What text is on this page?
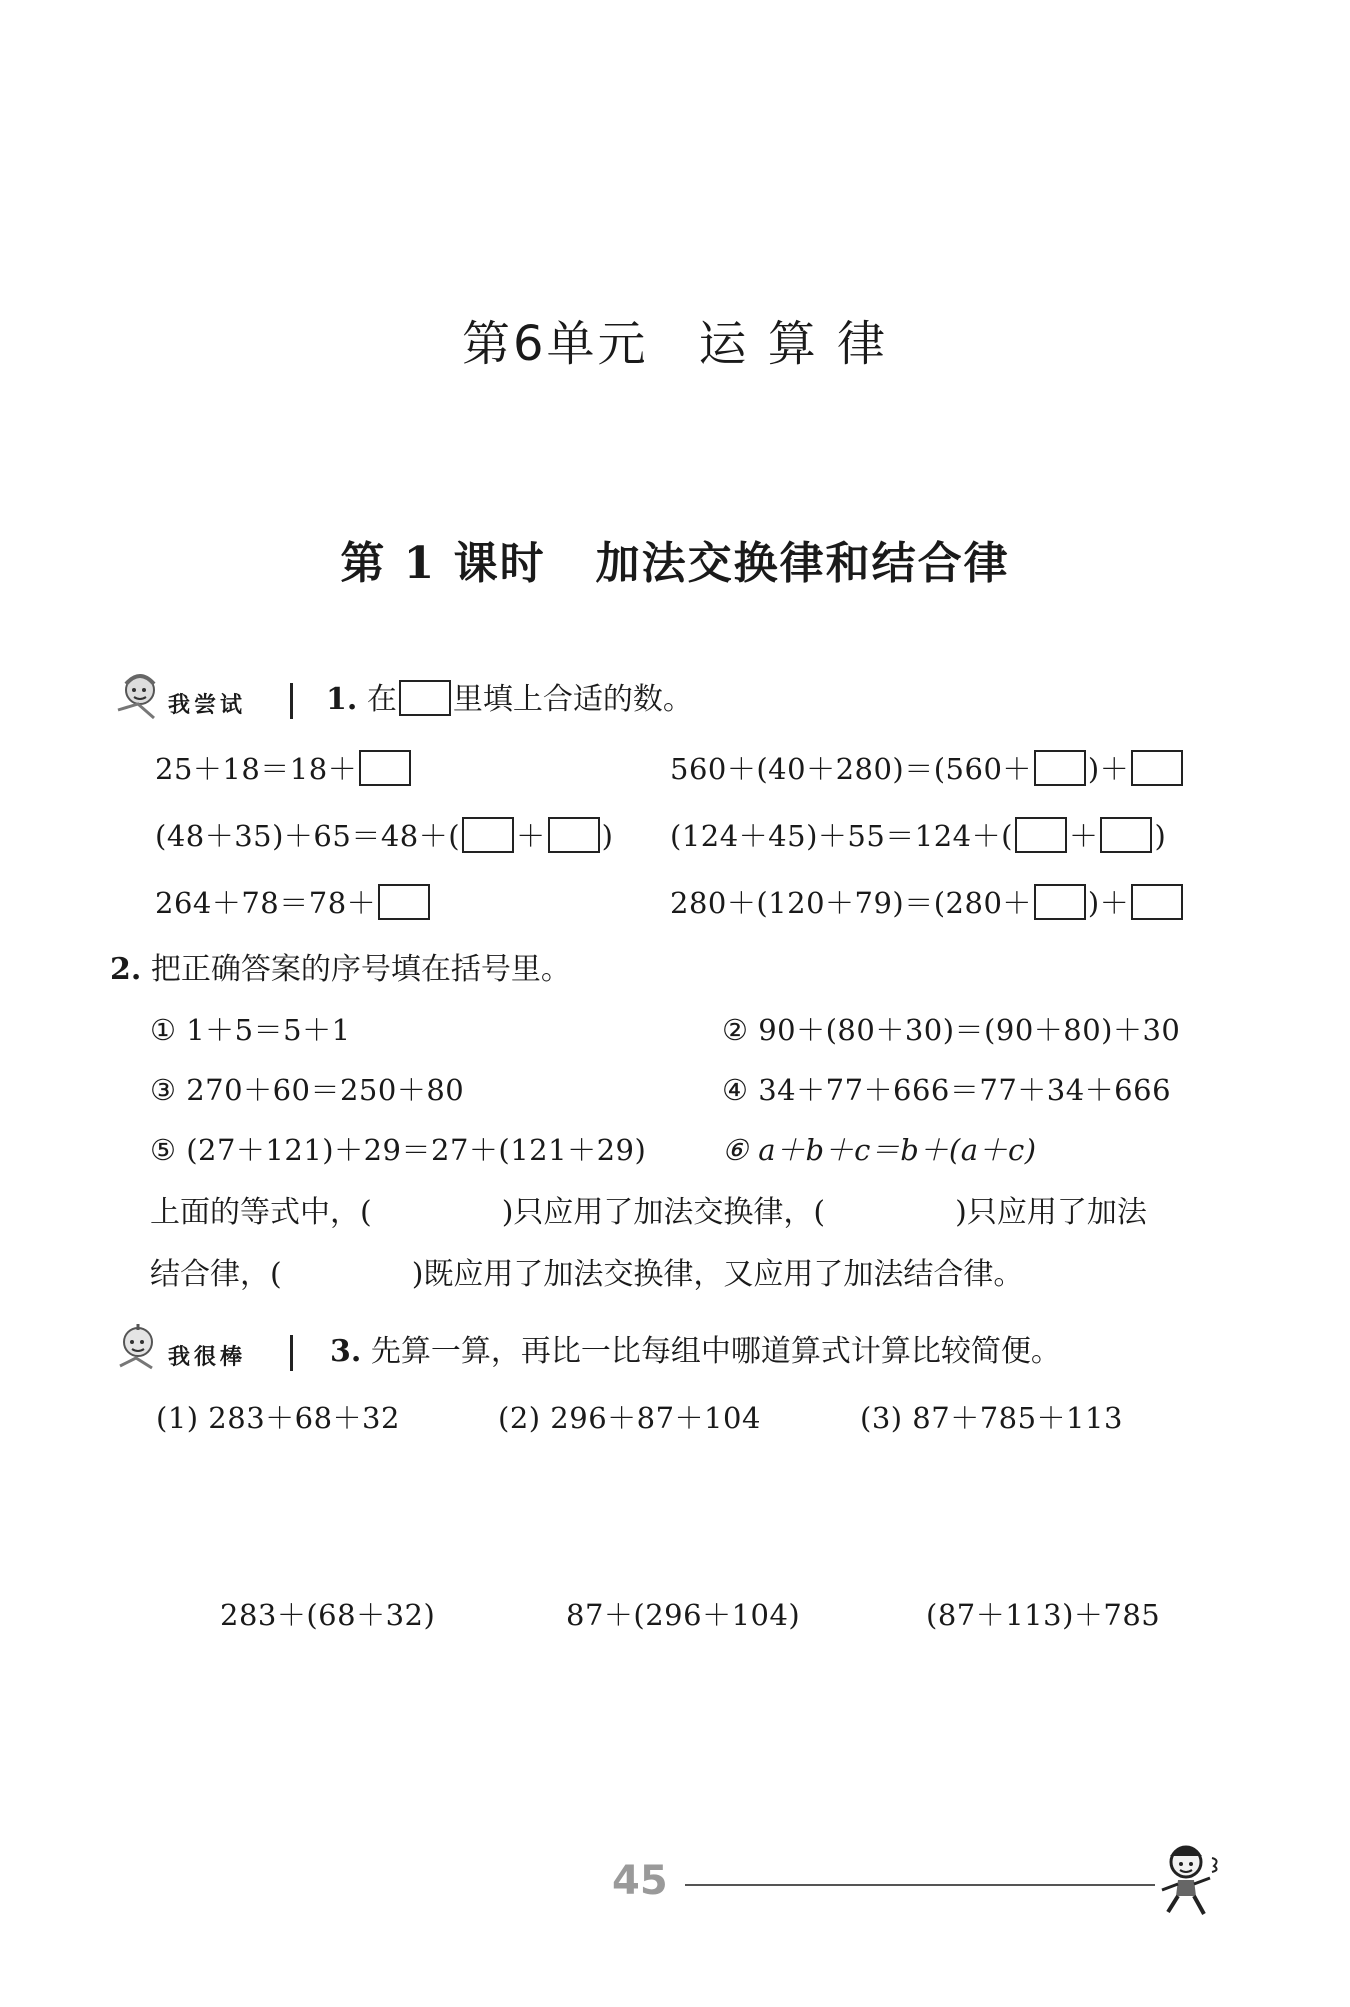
第6单元 运 算 律
第 1 课时 加法交换律和结合律
我尝试	1. 在 里填上合适的数。
25＋18＝18＋	560＋(40＋280)＝(560＋ )＋
(48＋35)＋65＝48＋( ＋ ) (124＋45)＋55＝124＋( ＋ )
264＋78＝78＋	280＋(120＋79)＝(280＋ )＋
2. 把正确答案的序号填在括号里。
① 1＋5＝5＋1	② 90＋(80＋30)＝(90＋80)＋30
③ 270＋60＝250＋80	④ 34＋77＋666＝77＋34＋666
⑤ (27＋121)＋29＝27＋(121＋29)	⑥ a＋b＋c＝b＋(a＋c)
上面的等式中，(	)只应用了加法交换律，(	)只应用了加法
结合律，(	)既应用了加法交换律，又应用了加法结合律。
我很棒	3. 先算一算，再比一比每组中哪道算式计算比较简便。
(1) 283＋68＋32	(2) 296＋87＋104	(3) 87＋785＋113
283＋(68＋32)	87＋(296＋104)	(87＋113)＋785
45
